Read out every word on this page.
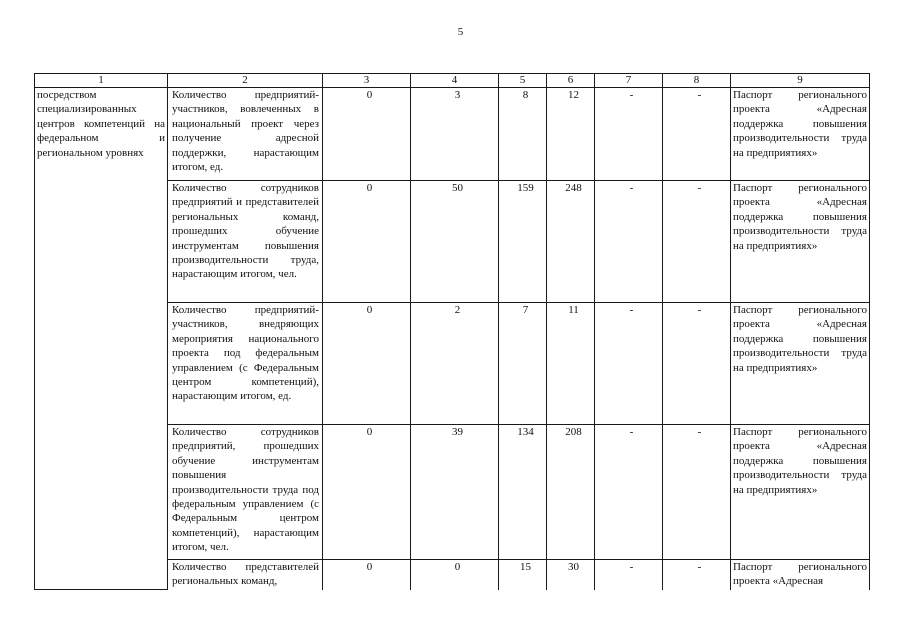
5
1	2	3	4	5	6	7	8	9

посредством специализированных центров компетенций на федеральном и региональном уровнях	Количество предприятий-участников, вовлеченных в национальный проект через получение адресной поддержки, нарастающим итогом, ед.	0	3	8	12	-	-	Паспорт регионального проекта «Адресная поддержка повышения производительности труда на предприятиях»
	Количество сотрудников предприятий и представителей региональных команд, прошедших обучение инструментам повышения производительности труда, нарастающим итогом, чел.	0	50	159	248	-	-	Паспорт регионального проекта «Адресная поддержка повышения производительности труда на предприятиях»
	Количество предприятий-участников, внедряющих мероприятия национального проекта под федеральным управлением (с Федеральным центром компетенций), нарастающим итогом, ед.	0	2	7	11	-	-	Паспорт регионального проекта «Адресная поддержка повышения производительности труда на предприятиях»
	Количество сотрудников предприятий, прошедших обучение инструментам повышения производительности труда под федеральным управлением (с Федеральным центром компетенций), нарастающим итогом, чел.	0	39	134	208	-	-	Паспорт регионального проекта «Адресная поддержка повышения производительности труда на предприятиях»
	Количество представителей региональных команд,	0	0	15	30	-	-	Паспорт регионального проекта «Адресная
